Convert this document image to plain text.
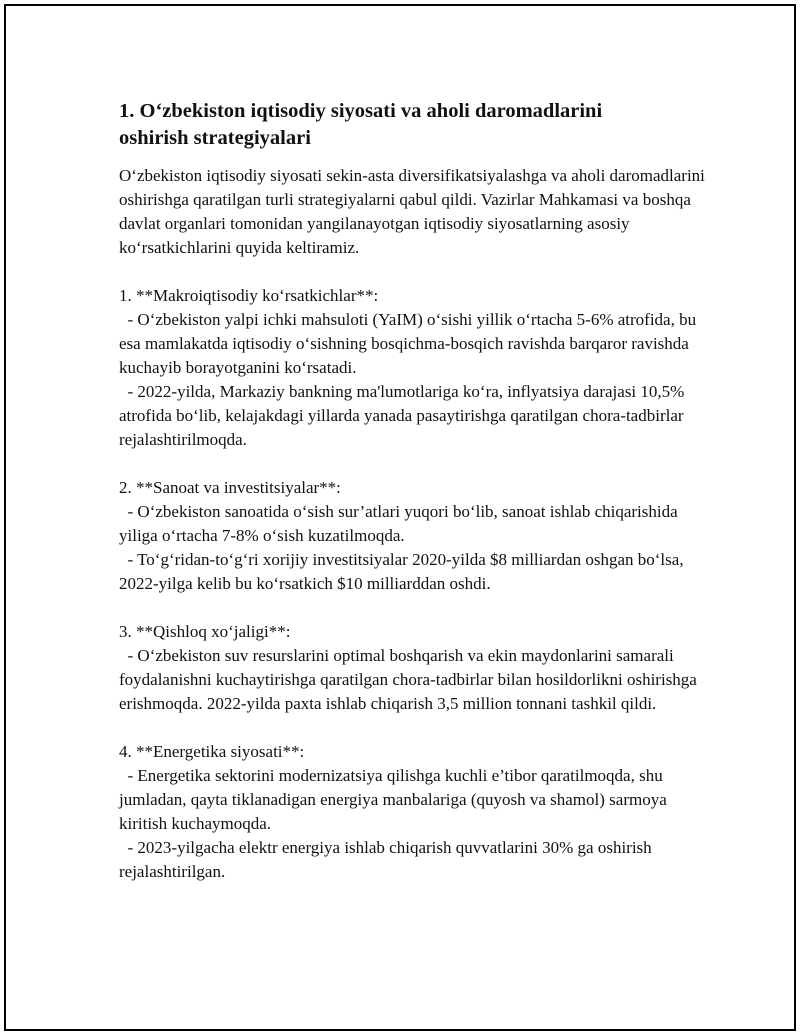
1. O‘zbekiston iqtisodiy siyosati va aholi daromadlarini oshirish strategiyalari

O‘zbekiston iqtisodiy siyosati sekin-asta diversifikatsiyalashga va aholi daromadlarini oshirishga qaratilgan turli strategiyalarni qabul qildi. Vazirlar Mahkamasi va boshqa davlat organlari tomonidan yangilanayotgan iqtisodiy siyosatlarning asosiy ko‘rsatkichlarini quyida keltiramiz.

1. **Makroiqtisodiy ko‘rsatkichlar**:

- O‘zbekiston yalpi ichki mahsuloti (YaIM) o‘sishi yillik o‘rtacha 5-6% atrofida, bu esa mamlakatda iqtisodiy o‘sishning bosqichma-bosqich ravishda barqaror ravishda kuchayib borayotganini ko‘rsatadi.

- 2022-yilda, Markaziy bankning ma'lumotlariga ko‘ra, inflyatsiya darajasi 10,5% atrofida bo‘lib, kelajakdagi yillarda yanada pasaytirishga qaratilgan chora-tadbirlar rejalashtirilmoqda.

2. **Sanoat va investitsiyalar**:

- O‘zbekiston sanoatida o‘sish sur’atlari yuqori bo‘lib, sanoat ishlab chiqarishida yiliga o‘rtacha 7-8% o‘sish kuzatilmoqda.

- To‘g‘ridan-to‘g‘ri xorijiy investitsiyalar 2020-yilda $8 milliardan oshgan bo‘lsa, 2022-yilga kelib bu ko‘rsatkich $10 milliarddan oshdi.

3. **Qishloq xo‘jaligi**:

- O‘zbekiston suv resurslarini optimal boshqarish va ekin maydonlarini samarali foydalanishni kuchaytirishga qaratilgan chora-tadbirlar bilan hosildorlikni oshirishga erishmoqda. 2022-yilda paxta ishlab chiqarish 3,5 million tonnani tashkil qildi.

4. **Energetika siyosati**:

- Energetika sektorini modernizatsiya qilishga kuchli e’tibor qaratilmoqda, shu jumladan, qayta tiklanadigan energiya manbalariga (quyosh va shamol) sarmoya kiritish kuchaymoqda.

- 2023-yilgacha elektr energiya ishlab chiqarish quvvatlarini 30% ga oshirish rejalashtirilgan.
